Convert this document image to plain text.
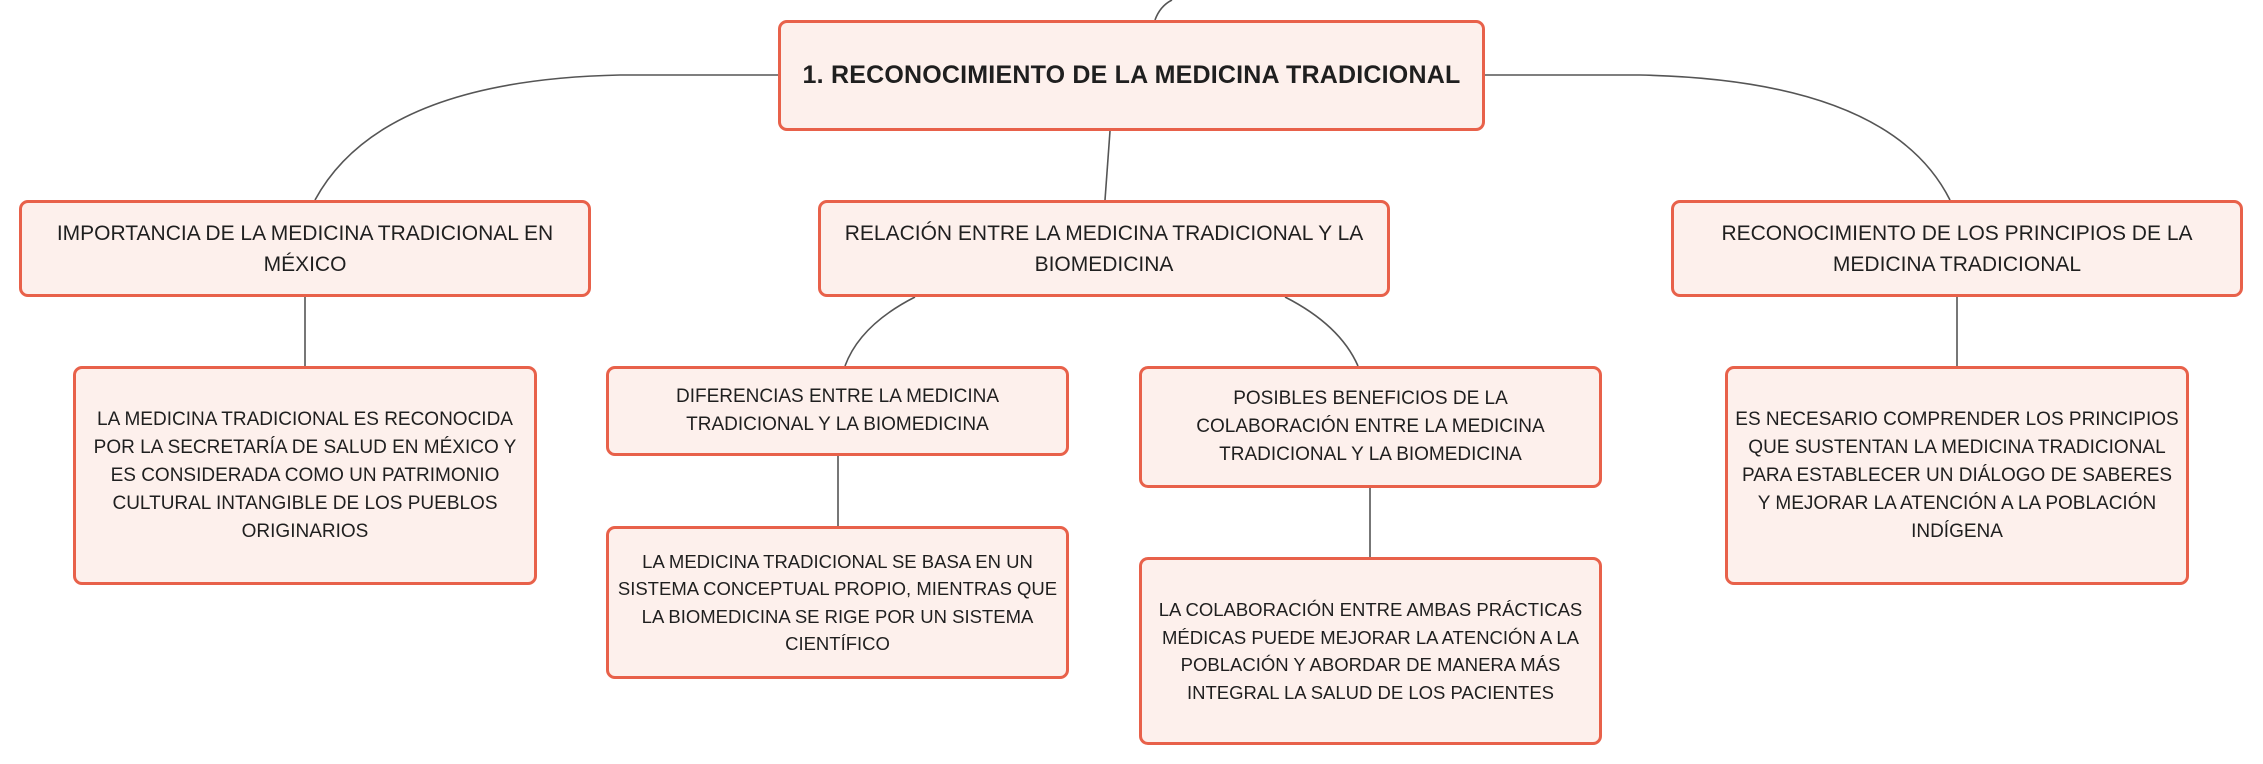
1. RECONOCIMIENTO DE LA MEDICINA TRADICIONAL
IMPORTANCIA DE LA MEDICINA TRADICIONAL EN MÉXICO
RELACIÓN ENTRE LA MEDICINA TRADICIONAL Y LA BIOMEDICINA
RECONOCIMIENTO DE LOS PRINCIPIOS DE LA MEDICINA TRADICIONAL
LA MEDICINA TRADICIONAL ES RECONOCIDA POR LA SECRETARÍA DE SALUD EN MÉXICO Y ES CONSIDERADA COMO UN PATRIMONIO CULTURAL INTANGIBLE DE LOS PUEBLOS ORIGINARIOS
DIFERENCIAS ENTRE LA MEDICINA TRADICIONAL Y LA BIOMEDICINA
POSIBLES BENEFICIOS DE LA COLABORACIÓN ENTRE LA MEDICINA TRADICIONAL Y LA BIOMEDICINA
ES NECESARIO COMPRENDER LOS PRINCIPIOS QUE SUSTENTAN LA MEDICINA TRADICIONAL PARA ESTABLECER UN DIÁLOGO DE SABERES Y MEJORAR LA ATENCIÓN A LA POBLACIÓN INDÍGENA
LA MEDICINA TRADICIONAL SE BASA EN UN SISTEMA CONCEPTUAL PROPIO, MIENTRAS QUE LA BIOMEDICINA SE RIGE POR UN SISTEMA CIENTÍFICO
LA COLABORACIÓN ENTRE AMBAS PRÁCTICAS MÉDICAS PUEDE MEJORAR LA ATENCIÓN A LA POBLACIÓN Y ABORDAR DE MANERA MÁS INTEGRAL LA SALUD DE LOS PACIENTES
